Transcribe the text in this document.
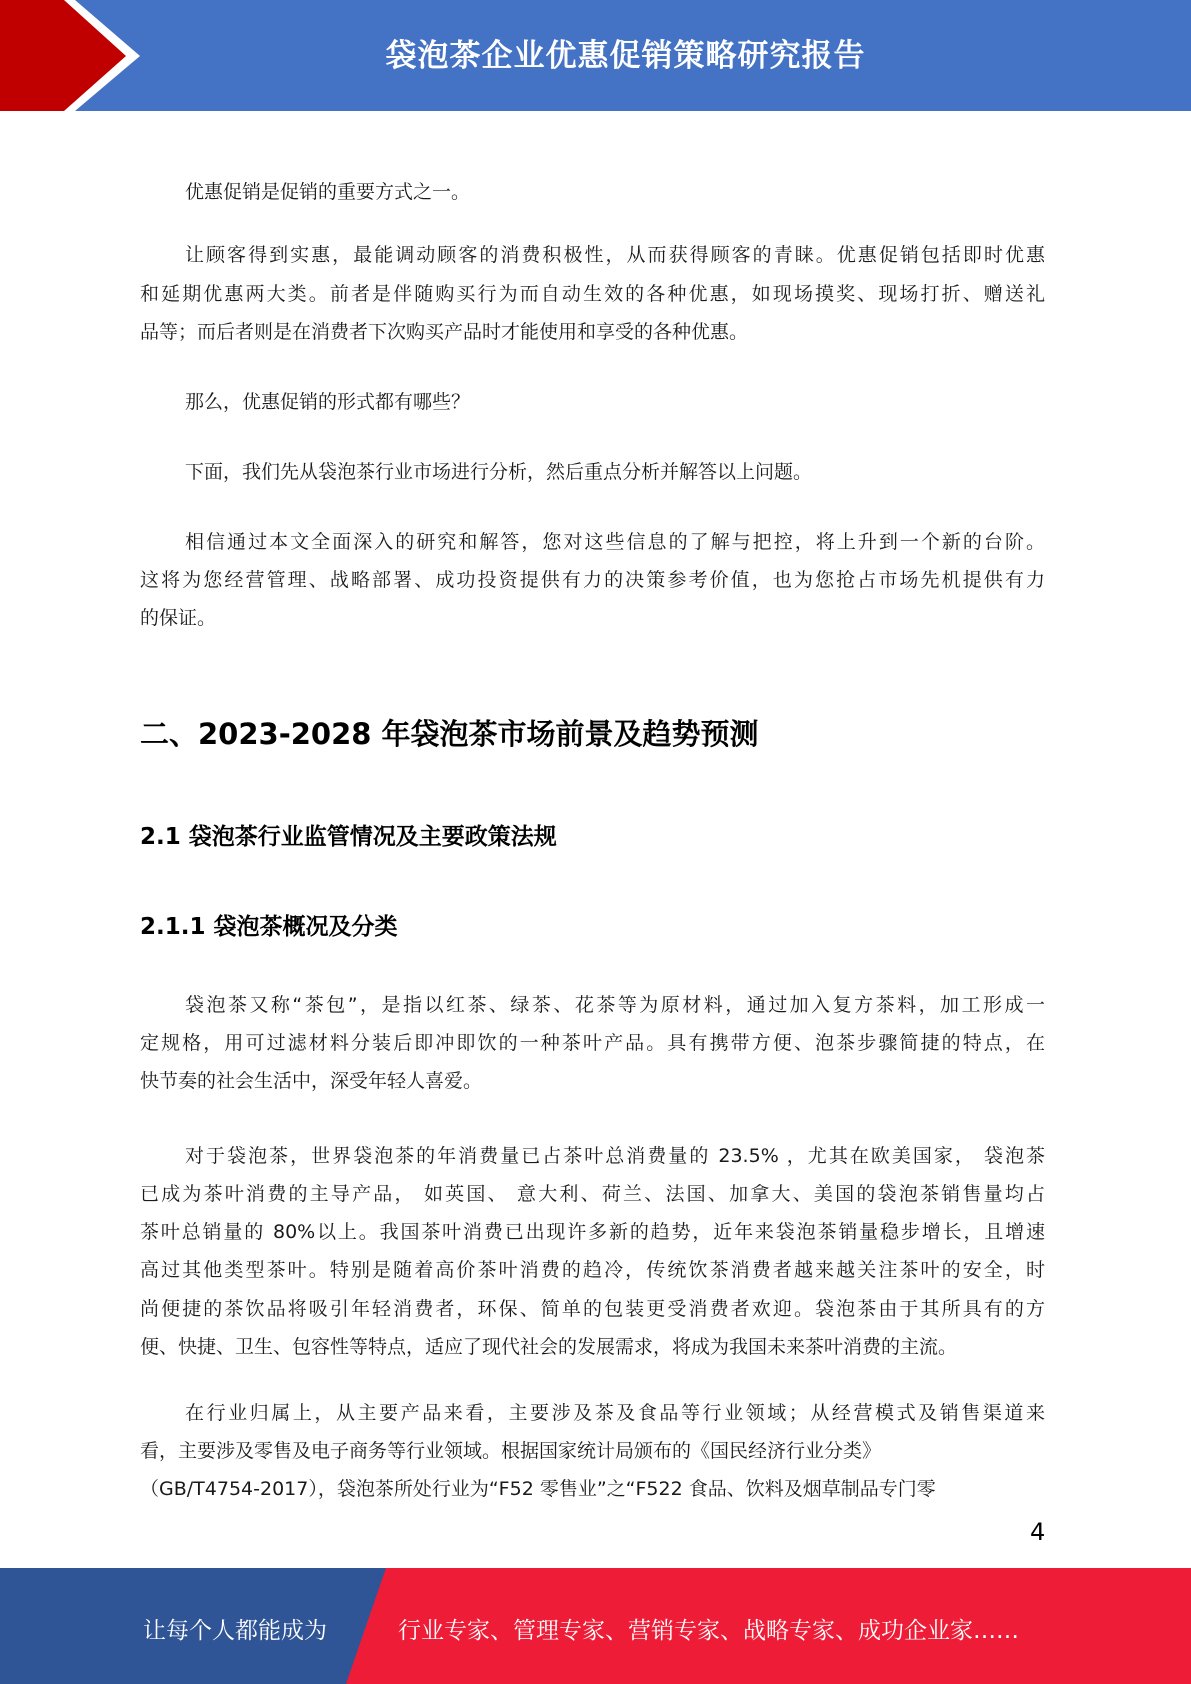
袋泡茶企业优惠促销策略研究报告
优惠促销是促销的重要方式之一。
让顾客得到实惠，最能调动顾客的消费积极性，从而获得顾客的青睐。优惠促销包括即时优惠
和延期优惠两大类。前者是伴随购买行为而自动生效的各种优惠，如现场摸奖、现场打折、赠送礼
品等；而后者则是在消费者下次购买产品时才能使用和享受的各种优惠。
那么，优惠促销的形式都有哪些？
下面，我们先从袋泡茶行业市场进行分析，然后重点分析并解答以上问题。
相信通过本文全面深入的研究和解答，您对这些信息的了解与把控，将上升到一个新的台阶。
这将为您经营管理、战略部署、成功投资提供有力的决策参考价值，也为您抢占市场先机提供有力
的保证。
二、2023-2028 年袋泡茶市场前景及趋势预测
2.1 袋泡茶行业监管情况及主要政策法规
2.1.1 袋泡茶概况及分类
袋泡茶又称“茶包”，是指以红茶、绿茶、花茶等为原材料，通过加入复方茶料，加工形成一
定规格，用可过滤材料分装后即冲即饮的一种茶叶产品。具有携带方便、泡茶步骤简捷的特点，在
快节奏的社会生活中，深受年轻人喜爱。
对于袋泡茶，世界袋泡茶的年消费量已占茶叶总消费量的 23.5% ，尤其在欧美国家， 袋泡茶
已成为茶叶消费的主导产品， 如英国、 意大利、荷兰、法国、加拿大、美国的袋泡茶销售量均占
茶叶总销量的 80%以上。我国茶叶消费已出现许多新的趋势，近年来袋泡茶销量稳步增长，且增速
高过其他类型茶叶。特别是随着高价茶叶消费的趋冷，传统饮茶消费者越来越关注茶叶的安全，时
尚便捷的茶饮品将吸引年轻消费者，环保、简单的包装更受消费者欢迎。袋泡茶由于其所具有的方
便、快捷、卫生、包容性等特点，适应了现代社会的发展需求，将成为我国未来茶叶消费的主流。
在行业归属上，从主要产品来看，主要涉及茶及食品等行业领域；从经营模式及销售渠道来
看，主要涉及零售及电子商务等行业领域。根据国家统计局颁布的《国民经济行业分类》
（GB/T4754-2017），袋泡茶所处行业为“F52 零售业”之“F522 食品、饮料及烟草制品专门零
4
让每个人都能成为	行业专家、管理专家、营销专家、战略专家、成功企业家……
